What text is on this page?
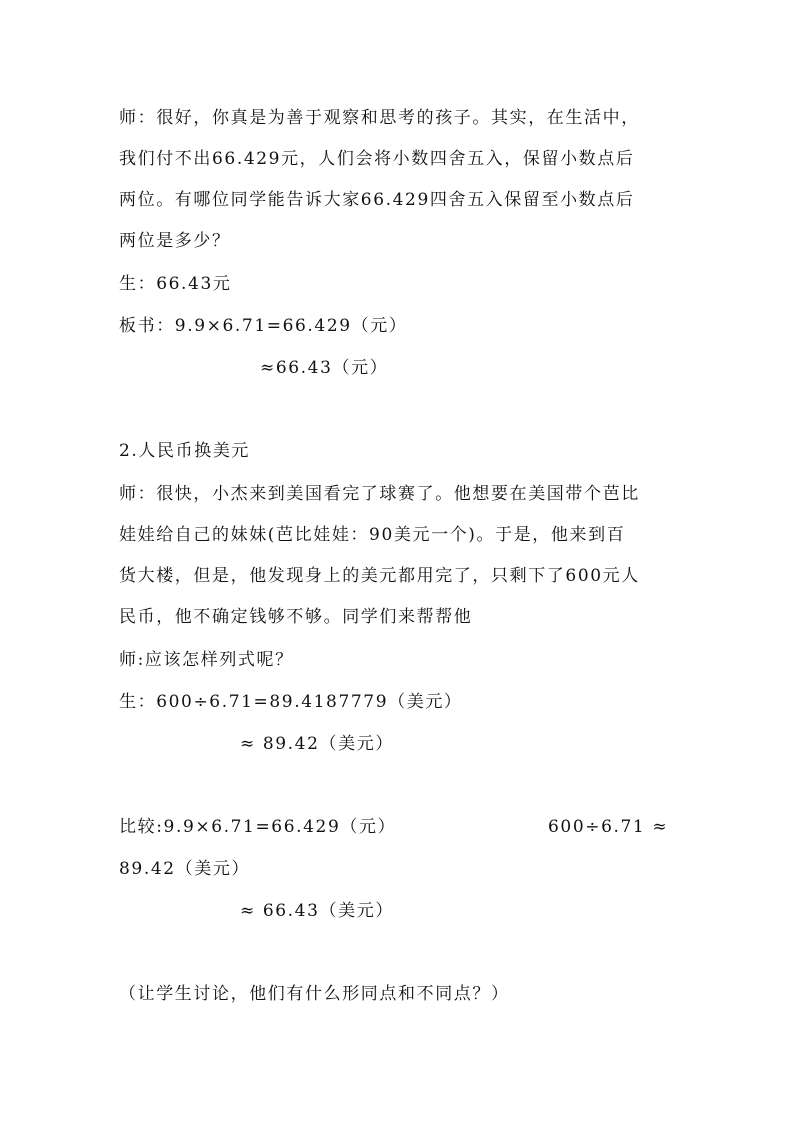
师：很好，你真是为善于观察和思考的孩子。其实，在生活中，
我们付不出66.429元，人们会将小数四舍五入，保留小数点后
两位。有哪位同学能告诉大家66.429四舍五入保留至小数点后
两位是多少？
生：66.43元
板书：9.9×6.71=66.429（元）
≈66.43（元）
2.人民币换美元
师：很快，小杰来到美国看完了球赛了。他想要在美国带个芭比
娃娃给自己的妹妹(芭比娃娃：90美元一个)。于是，他来到百
货大楼，但是，他发现身上的美元都用完了，只剩下了600元人
民币，他不确定钱够不够。同学们来帮帮他
师:应该怎样列式呢？
生：600÷6.71=89.4187779（美元）
≈ 89.42（美元）
比较:9.9×6.71=66.429（元）	600÷6.71 ≈
89.42（美元）
≈ 66.43（美元）
（让学生讨论，他们有什么形同点和不同点？）
